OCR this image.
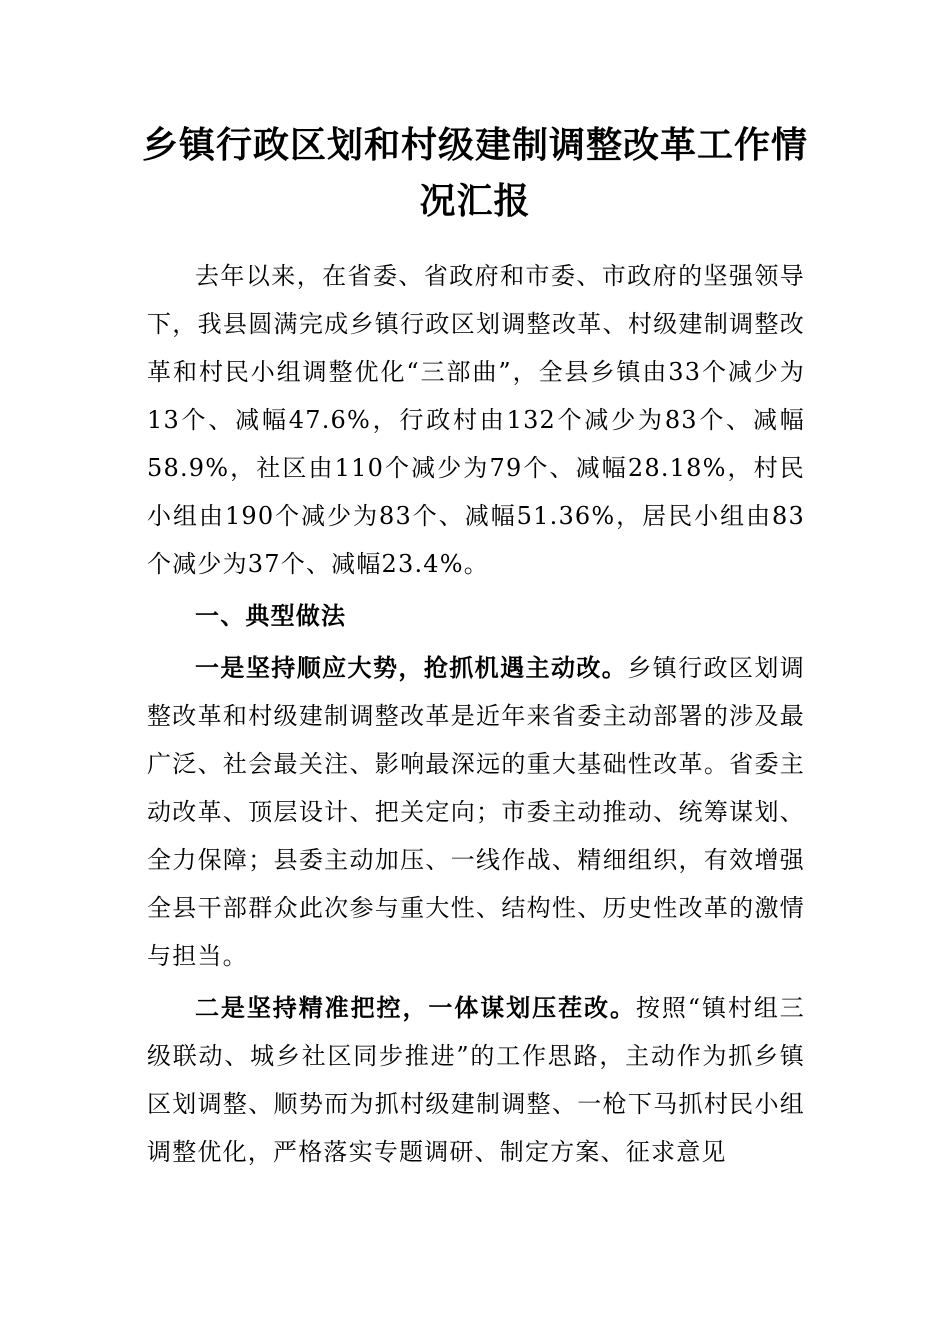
乡镇行政区划和村级建制调整改革工作情况汇报

去年以来，在省委、省政府和市委、市政府的坚强领导下，我县圆满完成乡镇行政区划调整改革、村级建制调整改革和村民小组调整优化“三部曲”，全县乡镇由33个减少为13个、减幅47.6%，行政村由132个减少为83个、减幅58.9%，社区由110个减少为79个、减幅28.18%，村民小组由190个减少为83个、减幅51.36%，居民小组由83个减少为37个、减幅23.4%。

一、典型做法

一是坚持顺应大势，抢抓机遇主动改。乡镇行政区划调整改革和村级建制调整改革是近年来省委主动部署的涉及最广泛、社会最关注、影响最深远的重大基础性改革。省委主动改革、顶层设计、把关定向；市委主动推动、统筹谋划、全力保障；县委主动加压、一线作战、精细组织，有效增强全县干部群众此次参与重大性、结构性、历史性改革的激情与担当。

二是坚持精准把控，一体谋划压茬改。按照“镇村组三级联动、城乡社区同步推进”的工作思路，主动作为抓乡镇区划调整、顺势而为抓村级建制调整、一枪下马抓村民小组调整优化，严格落实专题调研、制定方案、征求意见
